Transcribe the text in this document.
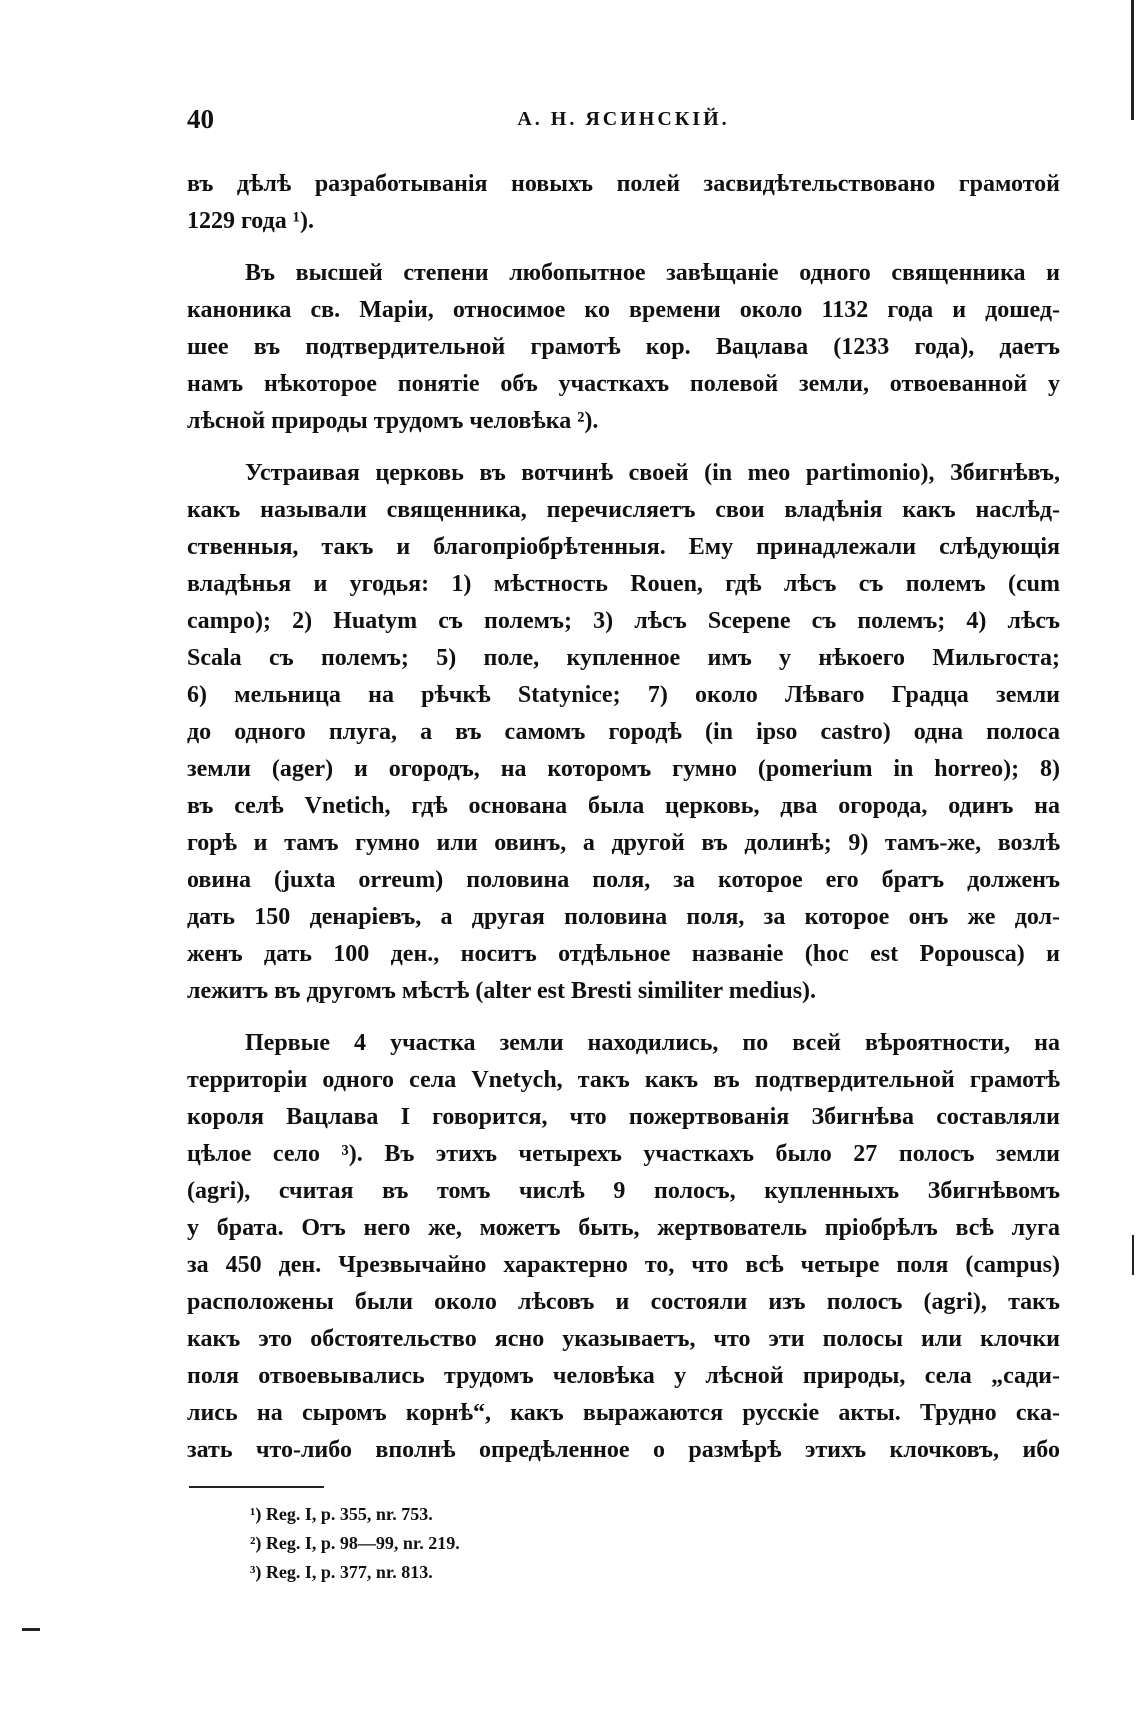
40	А. Н. ЯСИНСКІЙ.
въ дѣлѣ разработыванія новыхъ полей засвидѣтельствовано грамотой
1229 года ¹).
Въ высшей степени любопытное завѣщаніе одного священника и
каноника св. Маріи, относимое ко времени около 1132 года и дошед-
шее въ подтвердительной грамотѣ кор. Вацлава (1233 года), даетъ
намъ нѣкоторое понятіе объ участкахъ полевой земли, отвоеванной у
лѣсной природы трудомъ человѣка ²).
Устраивая церковь въ вотчинѣ своей (in meo partimonio), Збигнѣвъ,
какъ называли священника, перечисляетъ свои владѣнія какъ наслѣд-
ственныя, такъ и благопріобрѣтенныя. Ему принадлежали слѣдующія
владѣнья и угодья: 1) мѣстность Rouen, гдѣ лѣсъ съ полемъ (cum
campo); 2) Huatym съ полемъ; 3) лѣсъ Scepene съ полемъ; 4) лѣсъ
Scala съ полемъ; 5) поле, купленное имъ у нѣкоего Мильгоста;
6) мельница на рѣчкѣ Statynice; 7) около Лѣваго Градца земли
до одного плуга, а въ самомъ городѣ (in ipso castro) одна полоса
земли (ager) и огородъ, на которомъ гумно (pomerium in horreo); 8)
въ селѣ Vnetich, гдѣ основана была церковь, два огорода, одинъ на
горѣ и тамъ гумно или овинъ, а другой въ долинѣ; 9) тамъ-же, возлѣ
овина (juxta orreum) половина поля, за которое его братъ долженъ
дать 150 денаріевъ, а другая половина поля, за которое онъ же дол-
женъ дать 100 ден., носитъ отдѣльное названіе (hoc est Popousca) и
лежитъ въ другомъ мѣстѣ (alter est Bresti similiter medius).
Первые 4 участка земли находились, по всей вѣроятности, на
территоріи одного села Vnetych, такъ какъ въ подтвердительной грамотѣ
короля Вацлава I говорится, что пожертвованія Збигнѣва составляли
цѣлое село ³). Въ этихъ четырехъ участкахъ было 27 полосъ земли
(agri), считая въ томъ числѣ 9 полосъ, купленныхъ Збигнѣвомъ
у брата. Отъ него же, можетъ быть, жертвователь пріобрѣлъ всѣ луга
за 450 ден. Чрезвычайно характерно то, что всѣ четыре поля (campus)
расположены были около лѣсовъ и состояли изъ полосъ (agri), такъ
какъ это обстоятельство ясно указываетъ, что эти полосы или клочки
поля отвоевывались трудомъ человѣка у лѣсной природы, села „сади-
лись на сыромъ корнѣ“, какъ выражаются русскіе акты. Трудно ска-
зать что-либо вполнѣ опредѣленное о размѣрѣ этихъ клочковъ, ибо
¹) Reg. I, p. 355, nr. 753.
²) Reg. I, p. 98—99, nr. 219.
³) Reg. I, p. 377, nr. 813.
